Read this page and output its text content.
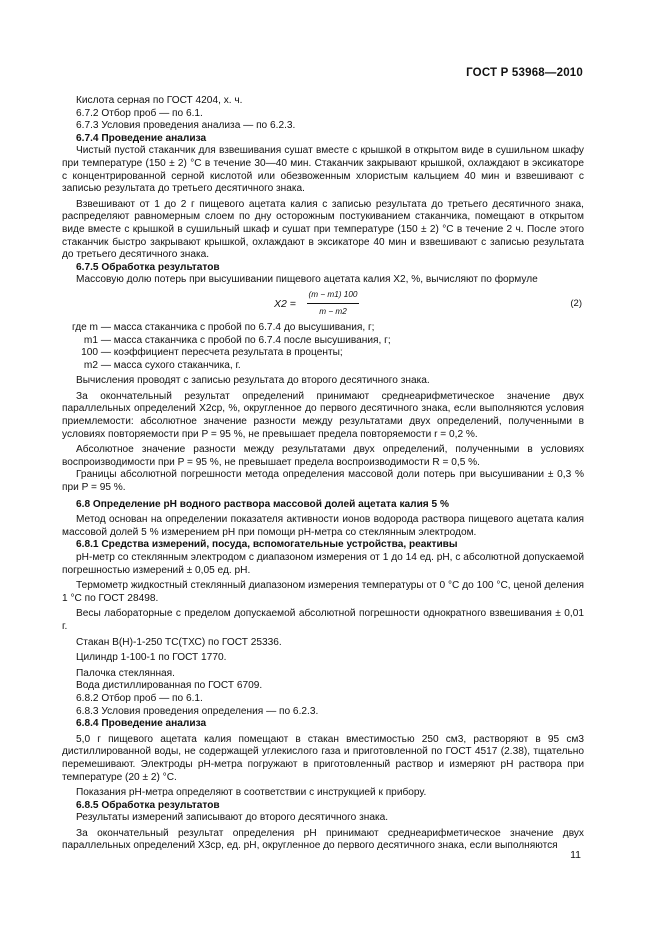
ГОСТ Р 53968—2010

Кислота серная по ГОСТ 4204, х. ч.

6.7.2 Отбор проб — по 6.1.

6.7.3 Условия проведения анализа — по 6.2.3.

6.7.4 Проведение анализа

Чистый пустой стаканчик для взвешивания сушат вместе с крышкой в открытом виде в сушильном шкафу при температуре (150 ± 2) °С в течение 30—40 мин. Стаканчик закрывают крышкой, охлаждают в эксикаторе с концентрированной серной кислотой или обезвоженным хлористым кальцием 40 мин и взвешивают с записью результата до третьего десятичного знака.

Взвешивают от 1 до 2 г пищевого ацетата калия с записью результата до третьего десятичного знака, распределяют равномерным слоем по дну осторожным постукиванием стаканчика, помещают в открытом виде вместе с крышкой в сушильный шкаф и сушат при температуре (150 ± 2) °С в течение 2 ч. После этого стаканчик быстро закрывают крышкой, охлаждают в эксикаторе 40 мин и взвешивают с записью результата до третьего десятичного знака.

6.7.5 Обработка результатов

Массовую долю потерь при высушивании пищевого ацетата калия X2, %, вычисляют по формуле

$X2 = \frac{(m - m1) 100}{m - m2}$	(2)

где m — масса стаканчика с пробой по 6.7.4 до высушивания, г;

m1 — масса стаканчика с пробой по 6.7.4 после высушивания, г;

100 — коэффициент пересчета результата в проценты;

m2 — масса сухого стаканчика, г.

Вычисления проводят с записью результата до второго десятичного знака.

За окончательный результат определений принимают среднеарифметическое значение двух параллельных определений X2ср, %, округленное до первого десятичного знака, если выполняются условия приемлемости: абсолютное значение разности между результатами двух определений, полученными в условиях повторяемости при P = 95 %, не превышает предела повторяемости r = 0,2 %.

Абсолютное значение разности между результатами двух определений, полученными в условиях воспроизводимости при P = 95 %, не превышает предела воспроизводимости R = 0,5 %.

Границы абсолютной погрешности метода определения массовой доли потерь при высушивании ± 0,3 % при P = 95 %.

6.8 Определение pH водного раствора массовой долей ацетата калия 5 %

Метод основан на определении показателя активности ионов водорода раствора пищевого ацетата калия массовой долей 5 % измерением pH при помощи pH-метра со стеклянным электродом.

6.8.1 Средства измерений, посуда, вспомогательные устройства, реактивы

pH-метр со стеклянным электродом с диапазоном измерения от 1 до 14 ед. pH, с абсолютной допускаемой погрешностью измерений ± 0,05 ед. pH.

Термометр жидкостный стеклянный диапазоном измерения температуры от 0 °С до 100 °С, ценой деления 1 °С по ГОСТ 28498.

Весы лабораторные с пределом допускаемой абсолютной погрешности однократного взвешивания ± 0,01 г.

Стакан В(Н)-1-250 ТС(ТХС) по ГОСТ 25336.

Цилиндр 1-100-1 по ГОСТ 1770.

Палочка стеклянная.

Вода дистиллированная по ГОСТ 6709.

6.8.2 Отбор проб — по 6.1.

6.8.3 Условия проведения определения — по 6.2.3.

6.8.4 Проведение анализа

5,0 г пищевого ацетата калия помещают в стакан вместимостью 250 см3, растворяют в 95 см3 дистиллированной воды, не содержащей углекислого газа и приготовленной по ГОСТ 4517 (2.38), тщательно перемешивают. Электроды pH-метра погружают в приготовленный раствор и измеряют pH раствора при температуре (20 ± 2) °С.

Показания pH-метра определяют в соответствии с инструкцией к прибору.

6.8.5 Обработка результатов

Результаты измерений записывают до второго десятичного знака.

За окончательный результат определения pH принимают среднеарифметическое значение двух параллельных определений X3ср, ед. pH, округленное до первого десятичного знака, если выполняются

11
